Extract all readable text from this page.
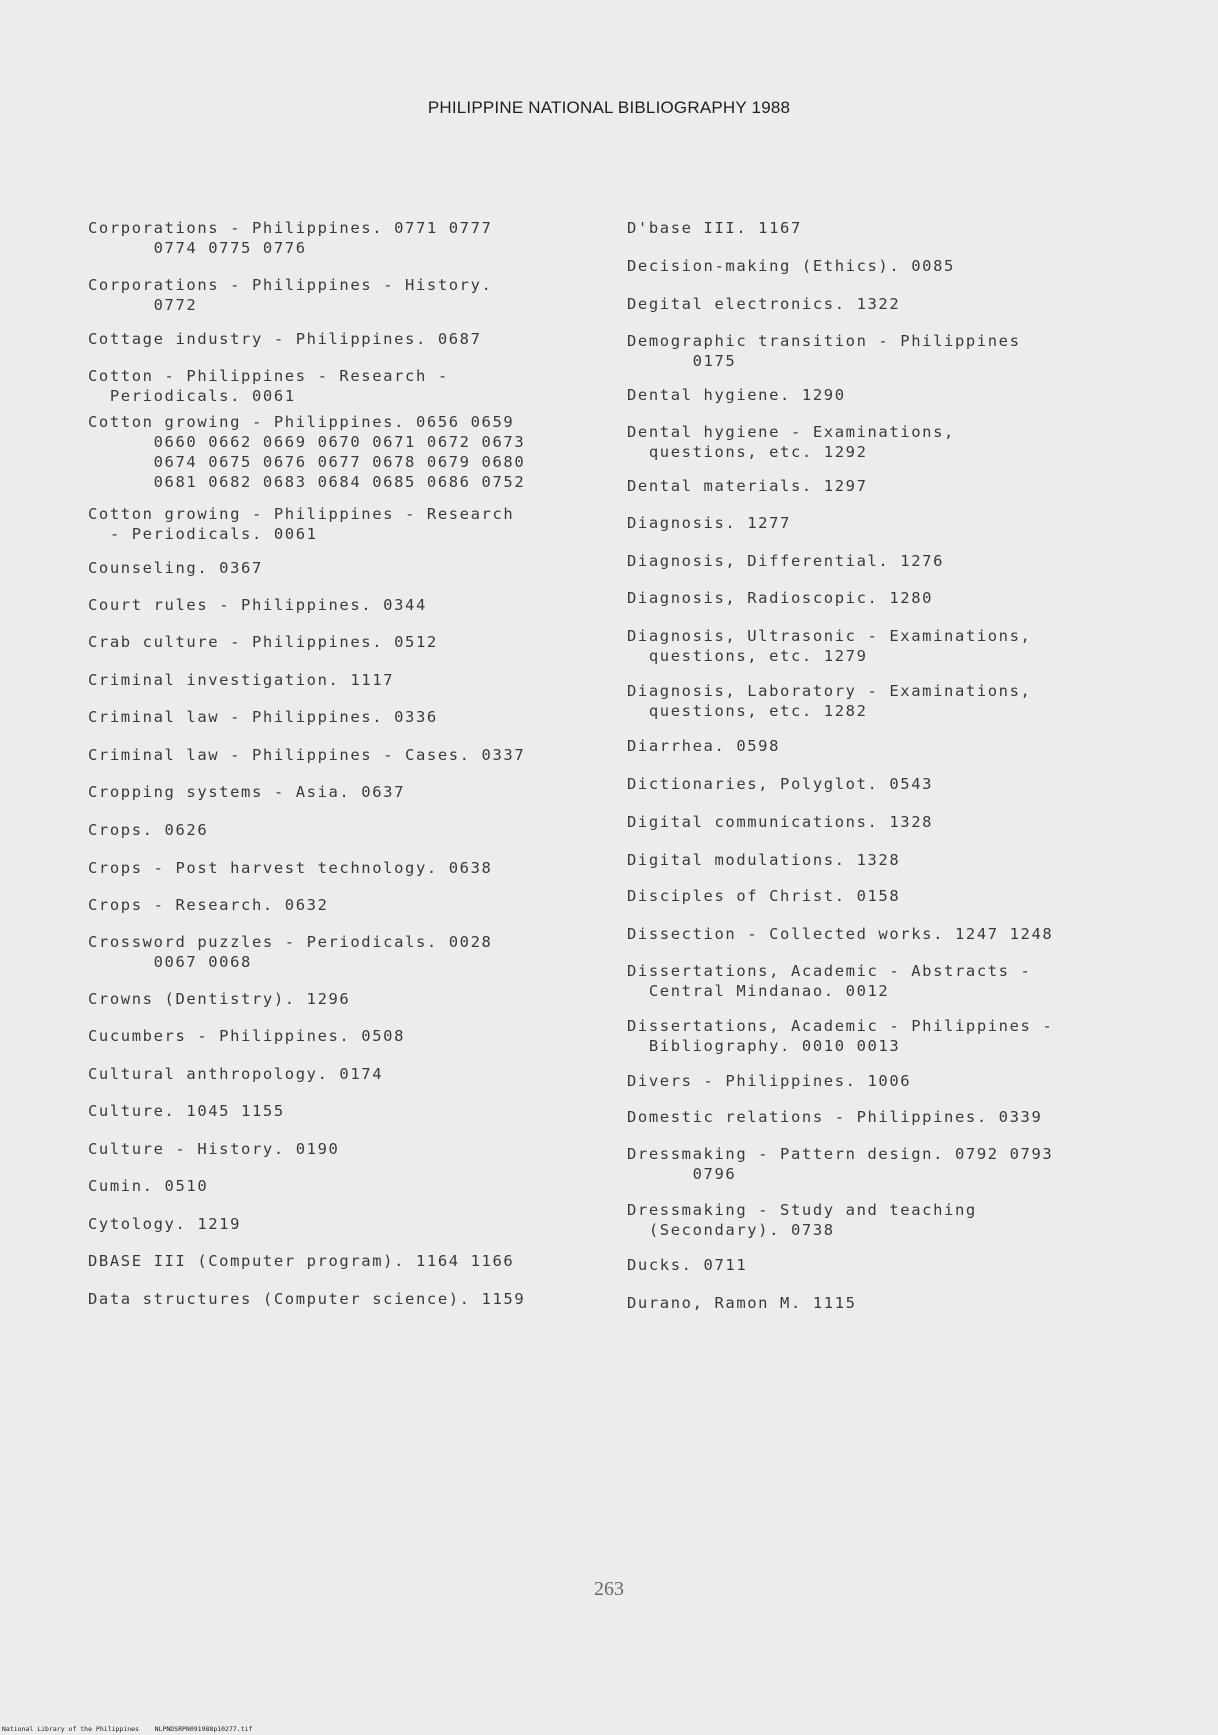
PHILIPPINE NATIONAL BIBLIOGRAPHY 1988
Corporations - Philippines. 0771 0777
0774 0775 0776
Corporations - Philippines - History.
0772
Cottage industry - Philippines. 0687
Cotton - Philippines - Research -
Periodicals. 0061
Cotton growing - Philippines. 0656 0659
0660 0662 0669 0670 0671 0672 0673
0674 0675 0676 0677 0678 0679 0680
0681 0682 0683 0684 0685 0686 0752
Cotton growing - Philippines - Research
- Periodicals. 0061
Counseling. 0367
Court rules - Philippines. 0344
Crab culture - Philippines. 0512
Criminal investigation. 1117
Criminal law - Philippines. 0336
Criminal law - Philippines - Cases. 0337
Cropping systems - Asia. 0637
Crops. 0626
Crops - Post harvest technology. 0638
Crops - Research. 0632
Crossword puzzles - Periodicals. 0028
0067 0068
Crowns (Dentistry). 1296
Cucumbers - Philippines. 0508
Cultural anthropology. 0174
Culture. 1045 1155
Culture - History. 0190
Cumin. 0510
Cytology. 1219
DBASE III (Computer program). 1164 1166
Data structures (Computer science). 1159
D'base III. 1167
Decision-making (Ethics). 0085
Degital electronics. 1322
Demographic transition - Philippines
0175
Dental hygiene. 1290
Dental hygiene - Examinations,
questions, etc. 1292
Dental materials. 1297
Diagnosis. 1277
Diagnosis, Differential. 1276
Diagnosis, Radioscopic. 1280
Diagnosis, Ultrasonic - Examinations,
questions, etc. 1279
Diagnosis, Laboratory - Examinations,
questions, etc. 1282
Diarrhea. 0598
Dictionaries, Polyglot. 0543
Digital communications. 1328
Digital modulations. 1328
Disciples of Christ. 0158
Dissection - Collected works. 1247 1248
Dissertations, Academic - Abstracts -
Central Mindanao. 0012
Dissertations, Academic - Philippines -
Bibliography. 0010 0013
Divers - Philippines. 1006
Domestic relations - Philippines. 0339
Dressmaking - Pattern design. 0792 0793
0796
Dressmaking - Study and teaching
(Secondary). 0738
Ducks. 0711
Durano, Ramon M. 1115
263
National Library of the Philippines    NLPNDSRPN091988p10277.tif
